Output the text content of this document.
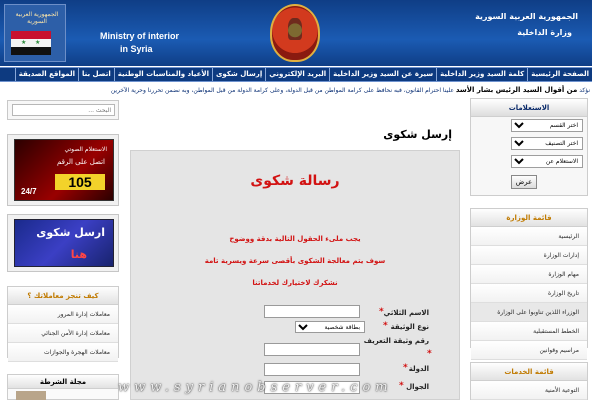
الجمهورية العربية السورية
★ ★
Ministry of interior
in Syria
الجمهورية العربية السورية
وزارة الداخلية
الصفحة الرئيسية
كلمة السيد وزير الداخلية
سيرة عن السيد وزير الداخلية
البريد الإلكتروني
إرسال شكوى
الأعياد والمناسبات الوطنية
اتصل بنا
المواقع الصديقة
نؤكد من أقوال السيد الرئيس بشار الأسد علينا احترام القانون، فبه نحافظ على كرامة المواطن من قبل الدولة، وعلى كرامة الدولة من قبل المواطن، وبه نضمن تحررنا وحرية الآخرين
البحث ...
الاستعلام الصوتي
اتصل على الرقم
105
24/7
ارسل شكوى
هنا
كيف تنجز معاملاتك ؟
معاملات إدارة المرور
معاملات إدارة الأمن الجنائي
معاملات الهجرة والجوازات
مجلة الشرطة
إرسل شكوى
رسالة شكوى
يجب ملىء الحقول التالية بدقة ووضوح
سوف يتم معالجة الشكوى بأقصى سرعة ويسرية تامة
نشكرك لاختيارك لخدماتنا
* الاسم الثلاثي
* نوع الوثيقة
بطاقة شخصية
رقم وثيقة التعريف
*
* الدولة
* الجوال
الاستعلامات
اختر القسم
اختر التصنيف
الاستعلام عن
عرض
قائمة الوزارة
الرئيسية
إدارات الوزارة
مهام الوزارة
تاريخ الوزارة
الوزراء اللذين تناوبوا على الوزارة
الخطط المستقبلية
مراسيم وقوانين
قائمة الخدمات
التوعية الأمنية
www.syrianobserver.com
